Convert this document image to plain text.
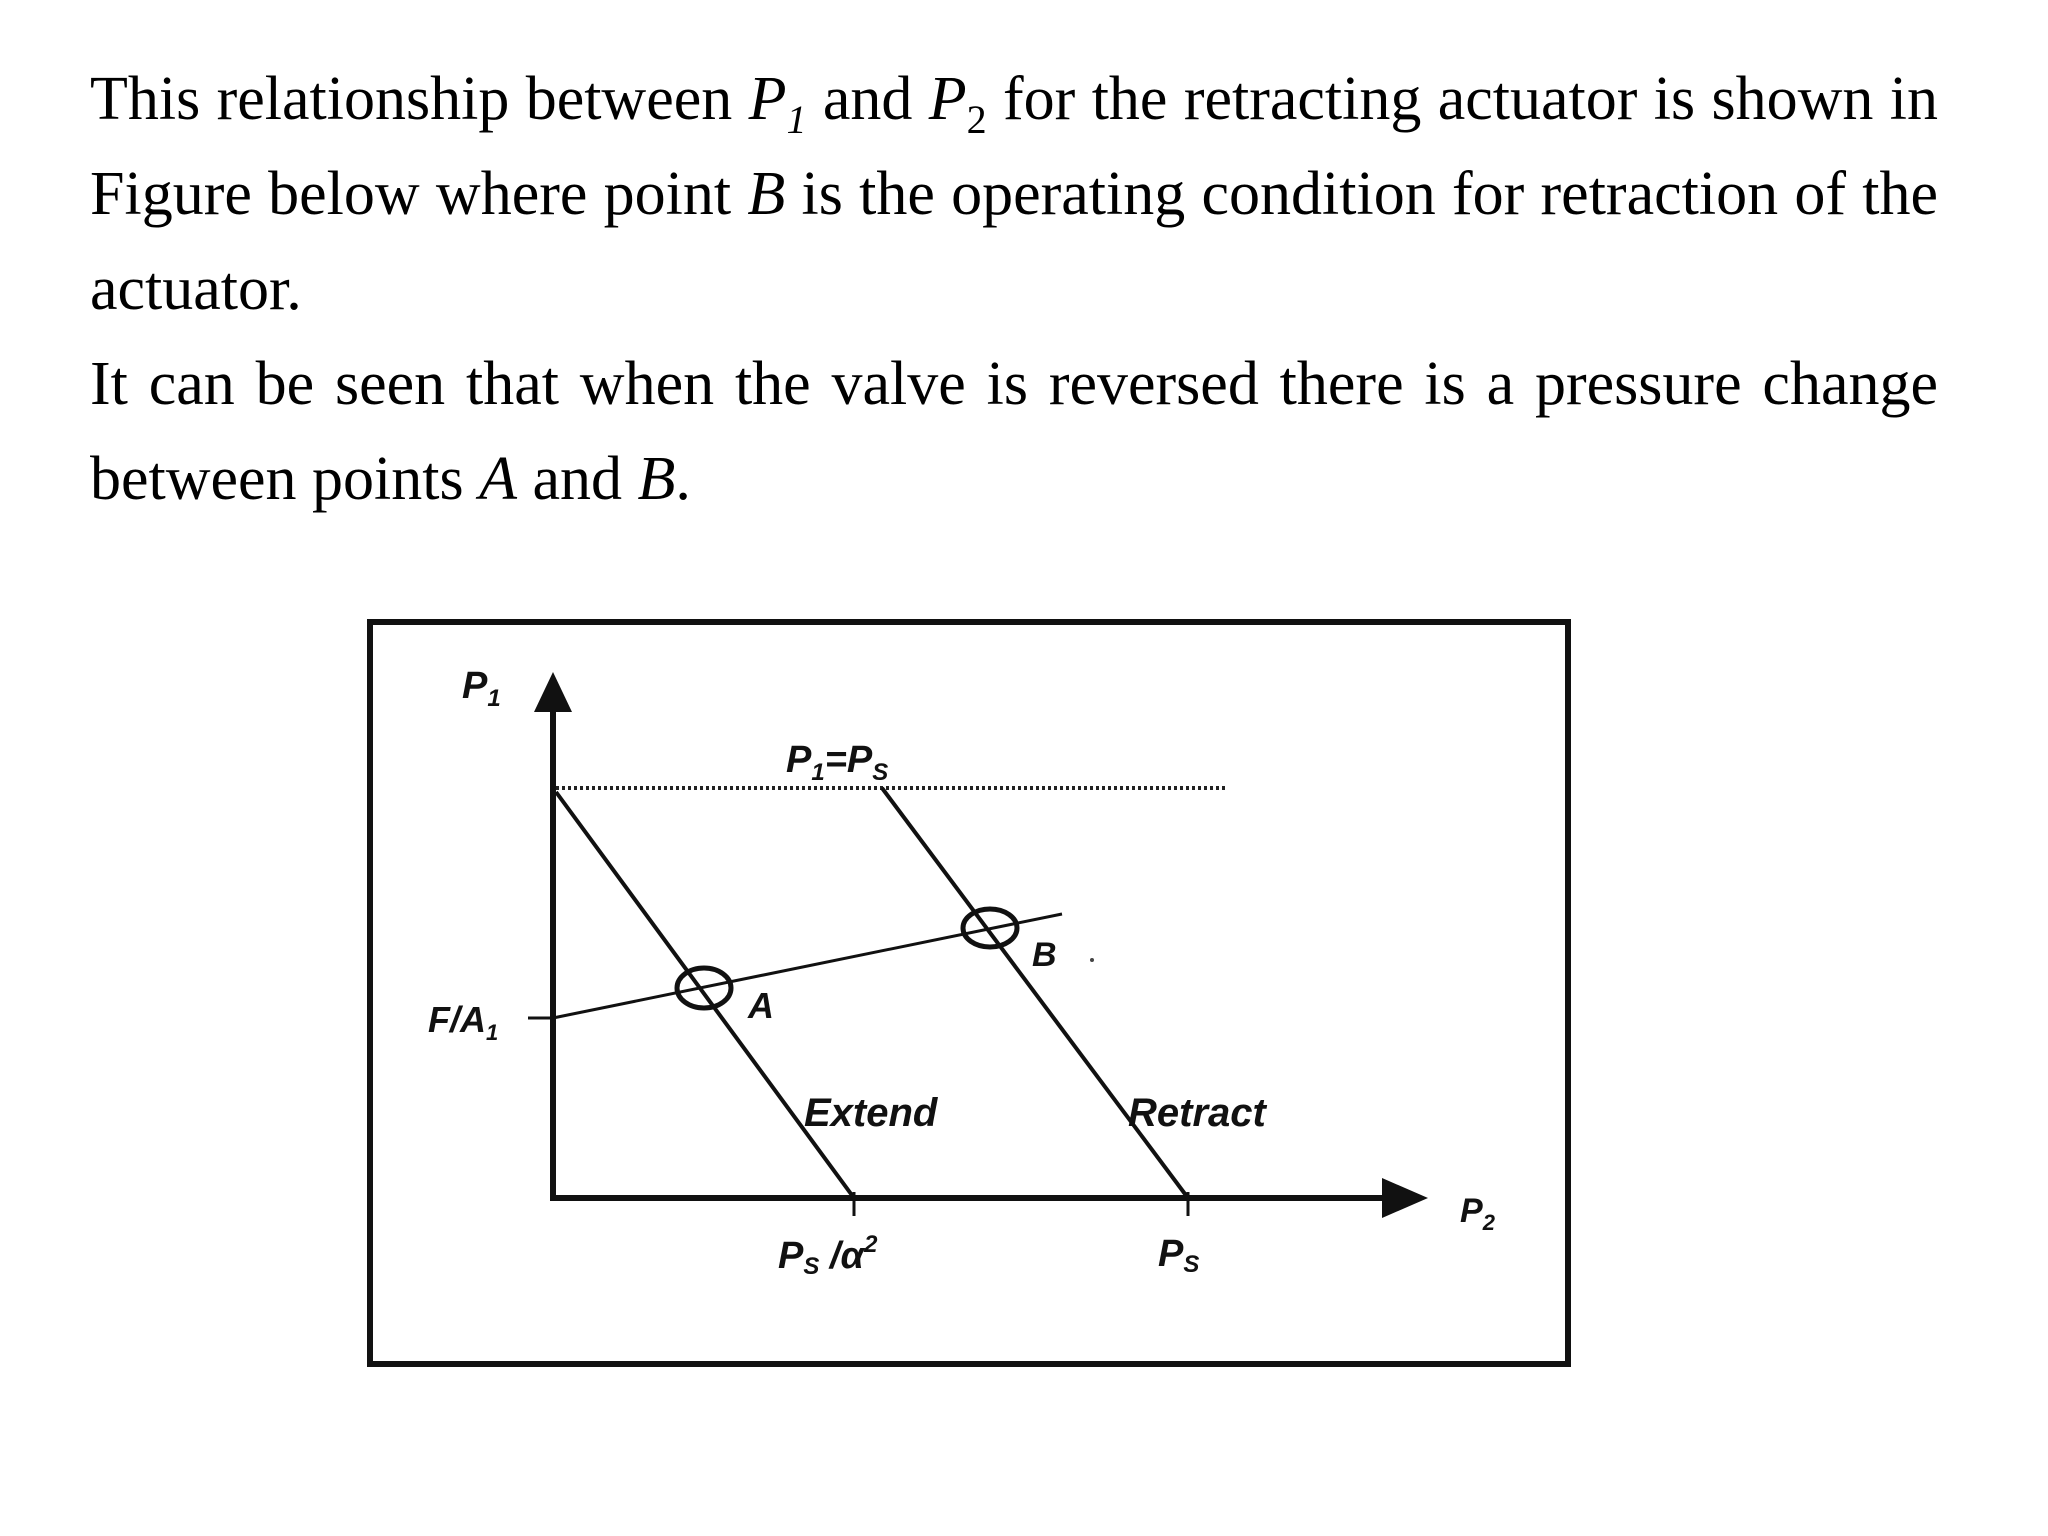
This relationship between $P_1$ and $P_2$ for the retracting actuator is shown in Figure below where point B is the operating condition for retraction of the actuator.

It can be seen that when the valve is reversed there is a pressure change between points A and B.

$P_1$
$P_2$
$P_1=P_S$
$F/A_1$
A
B
Extend	Retract
PS $/\alpha^2$	PS
